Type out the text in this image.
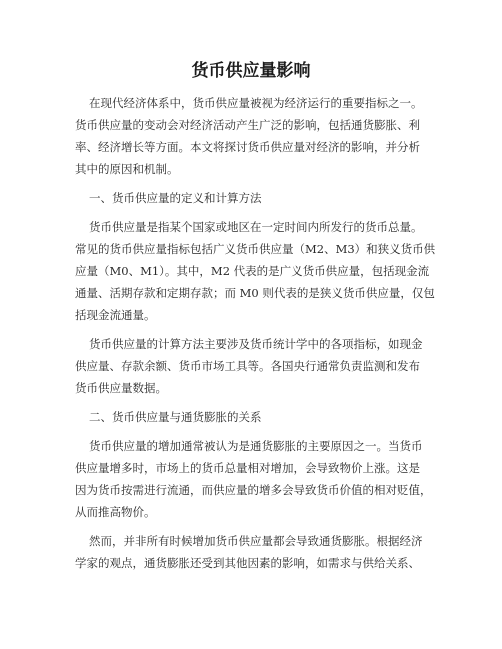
货币供应量影响

在现代经济体系中，货币供应量被视为经济运行的重要指标之一。

货币供应量的变动会对经济活动产生广泛的影响，包括通货膨胀、利

率、经济增长等方面。本文将探讨货币供应量对经济的影响，并分析

其中的原因和机制。

一、货币供应量的定义和计算方法

货币供应量是指某个国家或地区在一定时间内所发行的货币总量。

常见的货币供应量指标包括广义货币供应量（M2、M3）和狭义货币供

应量（M0、M1）。其中，M2 代表的是广义货币供应量，包括现金流

通量、活期存款和定期存款；而 M0 则代表的是狭义货币供应量，仅包

括现金流通量。

货币供应量的计算方法主要涉及货币统计学中的各项指标，如现金

供应量、存款余额、货币市场工具等。各国央行通常负责监测和发布

货币供应量数据。

二、货币供应量与通货膨胀的关系

货币供应量的增加通常被认为是通货膨胀的主要原因之一。当货币

供应量增多时，市场上的货币总量相对增加，会导致物价上涨。这是

因为货币按需进行流通，而供应量的增多会导致货币价值的相对贬值，

从而推高物价。

然而，并非所有时候增加货币供应量都会导致通货膨胀。根据经济

学家的观点，通货膨胀还受到其他因素的影响，如需求与供给关系、
